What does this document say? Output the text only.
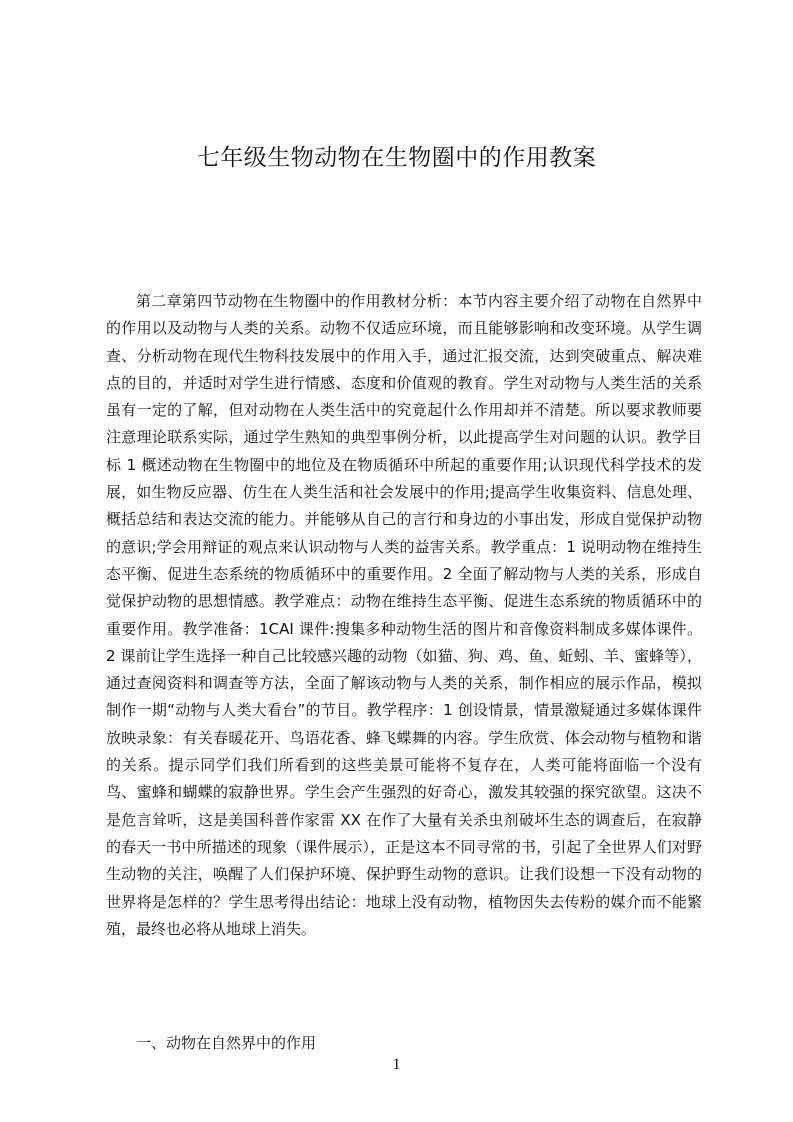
七年级生物动物在生物圈中的作用教案

第二章第四节动物在生物圈中的作用教材分析：本节内容主要介绍了动物在自然界中的作用以及动物与人类的关系。动物不仅适应环境，而且能够影响和改变环境。从学生调查、分析动物在现代生物科技发展中的作用入手，通过汇报交流，达到突破重点、解决难点的目的，并适时对学生进行情感、态度和价值观的教育。学生对动物与人类生活的关系虽有一定的了解，但对动物在人类生活中的究竟起什么作用却并不清楚。所以要求教师要注意理论联系实际，通过学生熟知的典型事例分析，以此提高学生对问题的认识。教学目标 1 概述动物在生物圈中的地位及在物质循环中所起的重要作用;认识现代科学技术的发展，如生物反应器、仿生在人类生活和社会发展中的作用;提高学生收集资料、信息处理、概括总结和表达交流的能力。并能够从自己的言行和身边的小事出发，形成自觉保护动物的意识;学会用辩证的观点来认识动物与人类的益害关系。教学重点：1 说明动物在维持生态平衡、促进生态系统的物质循环中的重要作用。2 全面了解动物与人类的关系，形成自觉保护动物的思想情感。教学难点：动物在维持生态平衡、促进生态系统的物质循环中的重要作用。教学准备：1CAI 课件:搜集多种动物生活的图片和音像资料制成多媒体课件。 2 课前让学生选择一种自己比较感兴趣的动物（如猫、狗、鸡、鱼、蚯蚓、羊、蜜蜂等），通过查阅资料和调查等方法，全面了解该动物与人类的关系，制作相应的展示作品，模拟制作一期“动物与人类大看台”的节目。教学程序：1 创设情景，情景激疑通过多媒体课件放映录象：有关春暖花开、鸟语花香、蜂飞蝶舞的内容。学生欣赏、体会动物与植物和谐的关系。提示同学们我们所看到的这些美景可能将不复存在，人类可能将面临一个没有鸟、蜜蜂和蝴蝶的寂静世界。学生会产生强烈的好奇心，激发其较强的探究欲望。这决不是危言耸听，这是美国科普作家雷 XX 在作了大量有关杀虫剂破坏生态的调查后，在寂静的春天一书中所描述的现象（课件展示），正是这本不同寻常的书，引起了全世界人们对野生动物的关注，唤醒了人们保护环境、保护野生动物的意识。让我们设想一下没有动物的世界将是怎样的？学生思考得出结论：地球上没有动物，植物因失去传粉的媒介而不能繁殖，最终也必将从地球上消失。

一、动物在自然界中的作用
1
